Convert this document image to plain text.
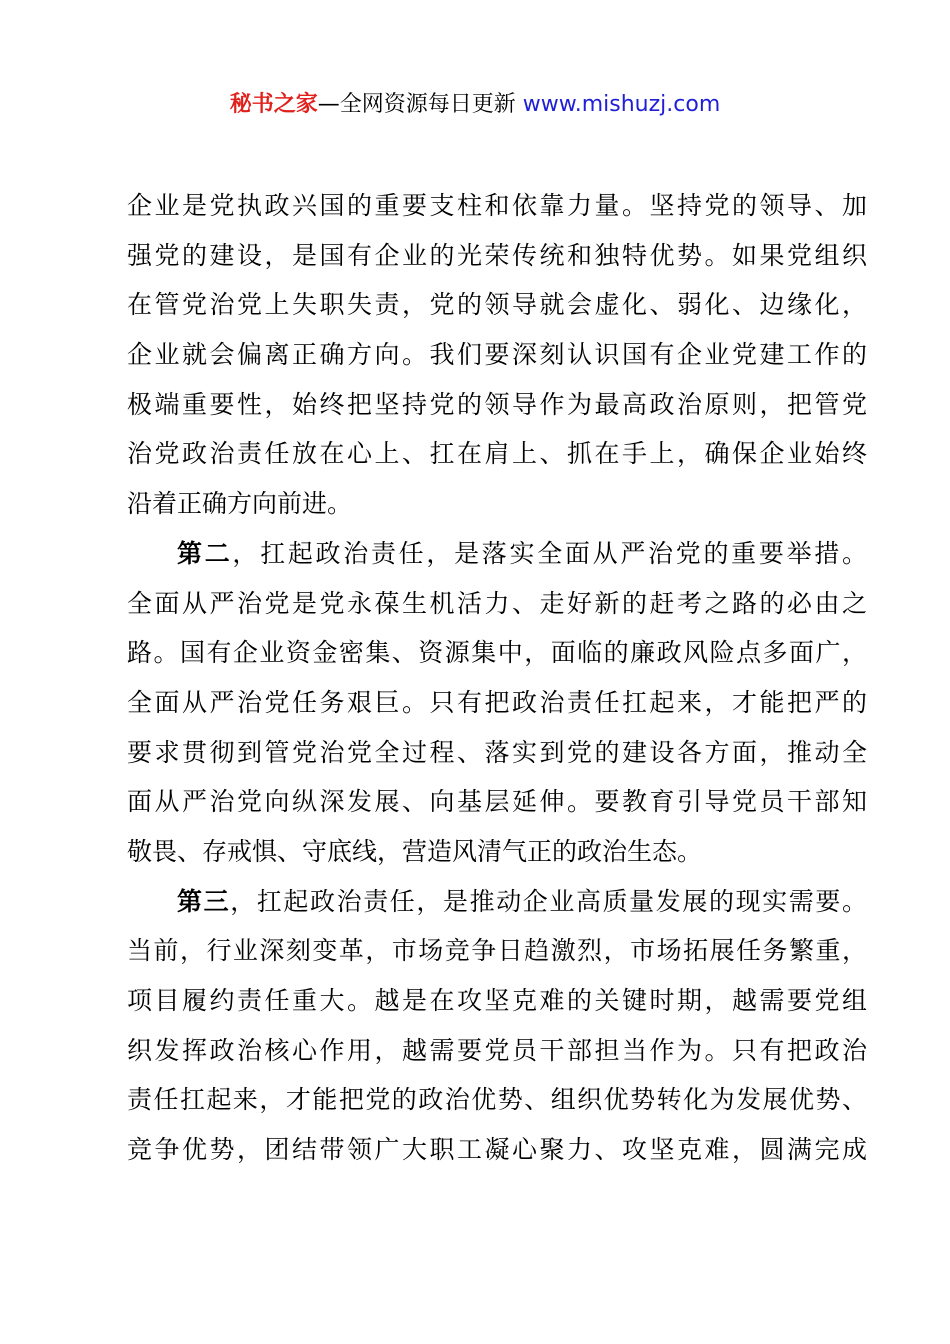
秘书之家—全网资源每日更新 www.mishuzj.com
企业是党执政兴国的重要支柱和依靠力量。坚持党的领导、加
强党的建设，是国有企业的光荣传统和独特优势。如果党组织
在管党治党上失职失责，党的领导就会虚化、弱化、边缘化，
企业就会偏离正确方向。我们要深刻认识国有企业党建工作的
极端重要性，始终把坚持党的领导作为最高政治原则，把管党
治党政治责任放在心上、扛在肩上、抓在手上，确保企业始终
沿着正确方向前进。
第二，扛起政治责任，是落实全面从严治党的重要举措。
全面从严治党是党永葆生机活力、走好新的赶考之路的必由之
路。国有企业资金密集、资源集中，面临的廉政风险点多面广，
全面从严治党任务艰巨。只有把政治责任扛起来，才能把严的
要求贯彻到管党治党全过程、落实到党的建设各方面，推动全
面从严治党向纵深发展、向基层延伸。要教育引导党员干部知
敬畏、存戒惧、守底线，营造风清气正的政治生态。
第三，扛起政治责任，是推动企业高质量发展的现实需要。
当前，行业深刻变革，市场竞争日趋激烈，市场拓展任务繁重，
项目履约责任重大。越是在攻坚克难的关键时期，越需要党组
织发挥政治核心作用，越需要党员干部担当作为。只有把政治
责任扛起来，才能把党的政治优势、组织优势转化为发展优势、
竞争优势，团结带领广大职工凝心聚力、攻坚克难，圆满完成
